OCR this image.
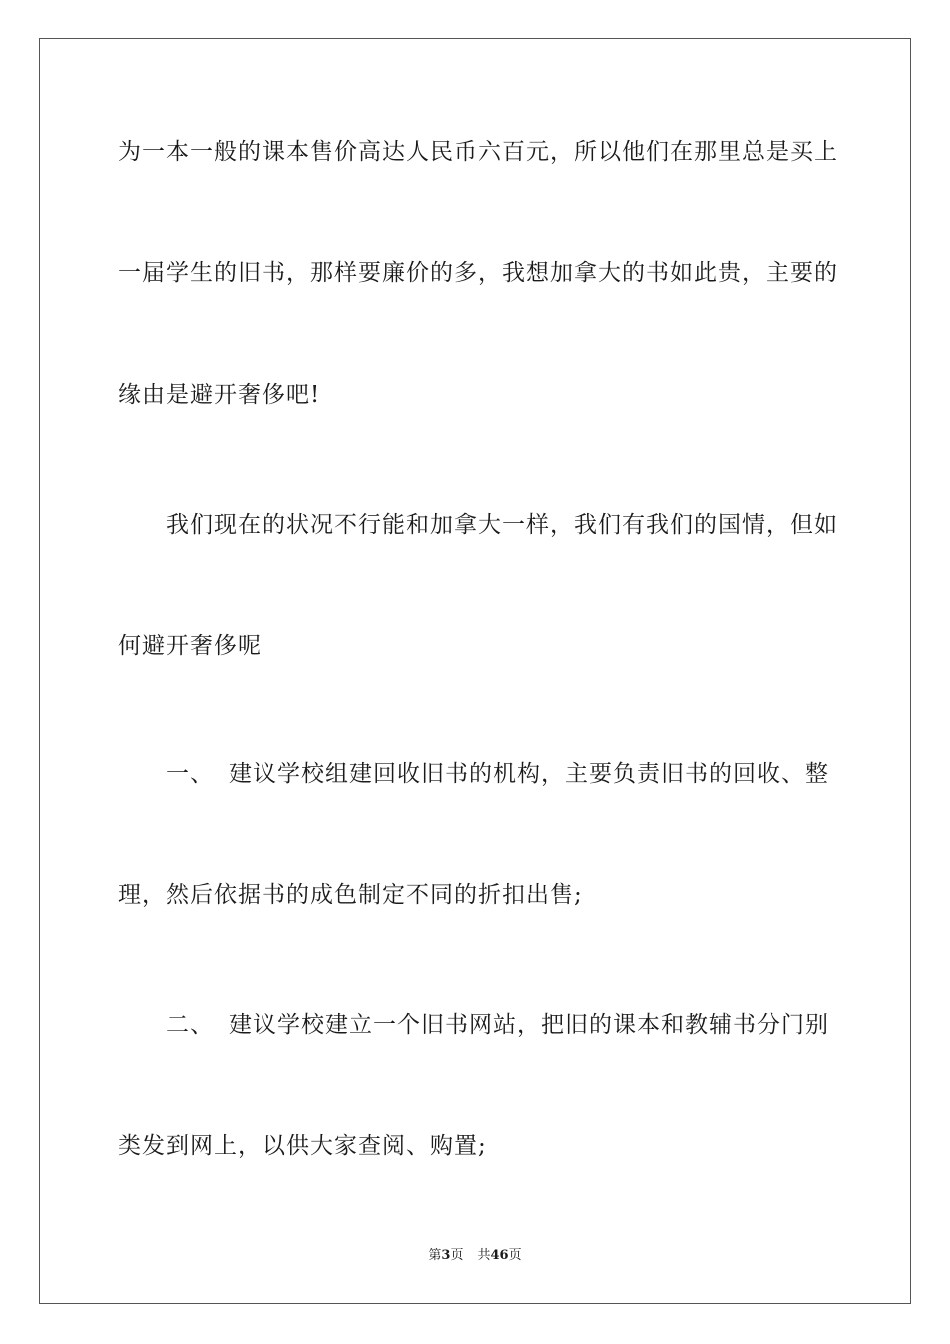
为一本一般的课本售价高达人民币六百元，所以他们在那里总是买上
一届学生的旧书，那样要廉价的多，我想加拿大的书如此贵，主要的
缘由是避开奢侈吧!
我们现在的状况不行能和加拿大一样，我们有我们的国情，但如
何避开奢侈呢
一、 建议学校组建回收旧书的机构，主要负责旧书的回收、整
理，然后依据书的成色制定不同的折扣出售;
二、 建议学校建立一个旧书网站，把旧的课本和教辅书分门别
类发到网上，以供大家查阅、购置;
第3页 共46页
